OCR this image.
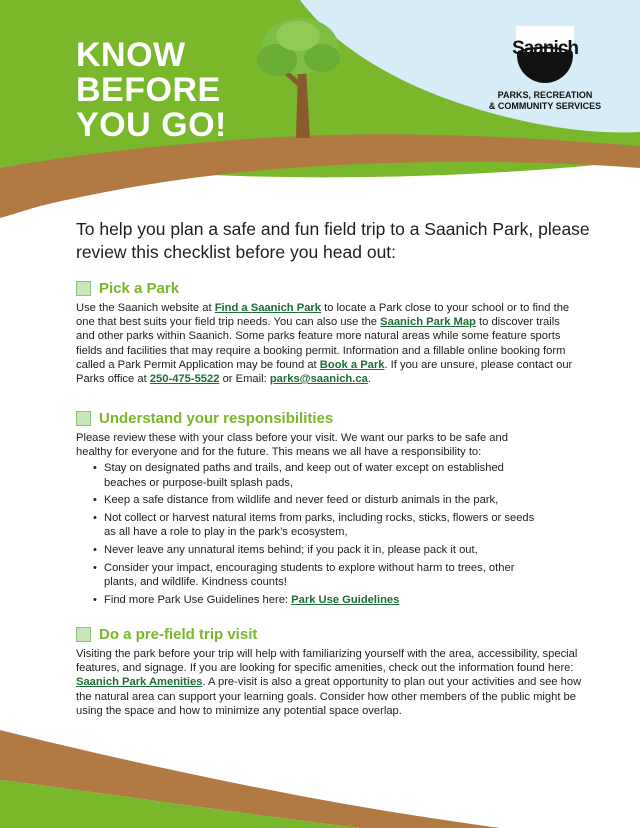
KNOW
BEFORE
YOU GO!
Saanich
PARKS, RECREATION
& COMMUNITY SERVICES
To help you plan a safe and fun field trip to a Saanich Park, please review this checklist before you head out:
Pick a Park

Use the Saanich website at Find a Saanich Park to locate a Park close to your school or to find the one that best suits your field trip needs. You can also use the Saanich Park Map to discover trails and other parks within Saanich. Some parks feature more natural areas while some feature sports fields and facilities that may require a booking permit. Information and a fillable online booking form called a Park Permit Application may be found at Book a Park. If you are unsure, please contact our Parks office at 250-475-5522 or Email: parks@saanich.ca.

Understand your responsibilities

Please review these with your class before your visit. We want our parks to be safe and healthy for everyone and for the future. This means we all have a responsibility to:

• Stay on designated paths and trails, and keep out of water except on established beaches or purpose-built splash pads,
• Keep a safe distance from wildlife and never feed or disturb animals in the park,
• Not collect or harvest natural items from parks, including rocks, sticks, flowers or seeds as all have a role to play in the park’s ecosystem,
• Never leave any unnatural items behind; if you pack it in, please pack it out,
• Consider your impact, encouraging students to explore without harm to trees, other plants, and wildlife. Kindness counts!
• Find more Park Use Guidelines here: Park Use Guidelines
Do a pre-field trip visit

Visiting the park before your trip will help with familiarizing yourself with the area, accessibility, special features, and signage. If you are looking for specific amenities, check out the information found here: Saanich Park Amenities. A pre-visit is also a great opportunity to plan out your activities and see how the natural area can support your learning goals. Consider how other members of the public might be using the space and how to minimize any potential space overlap.
